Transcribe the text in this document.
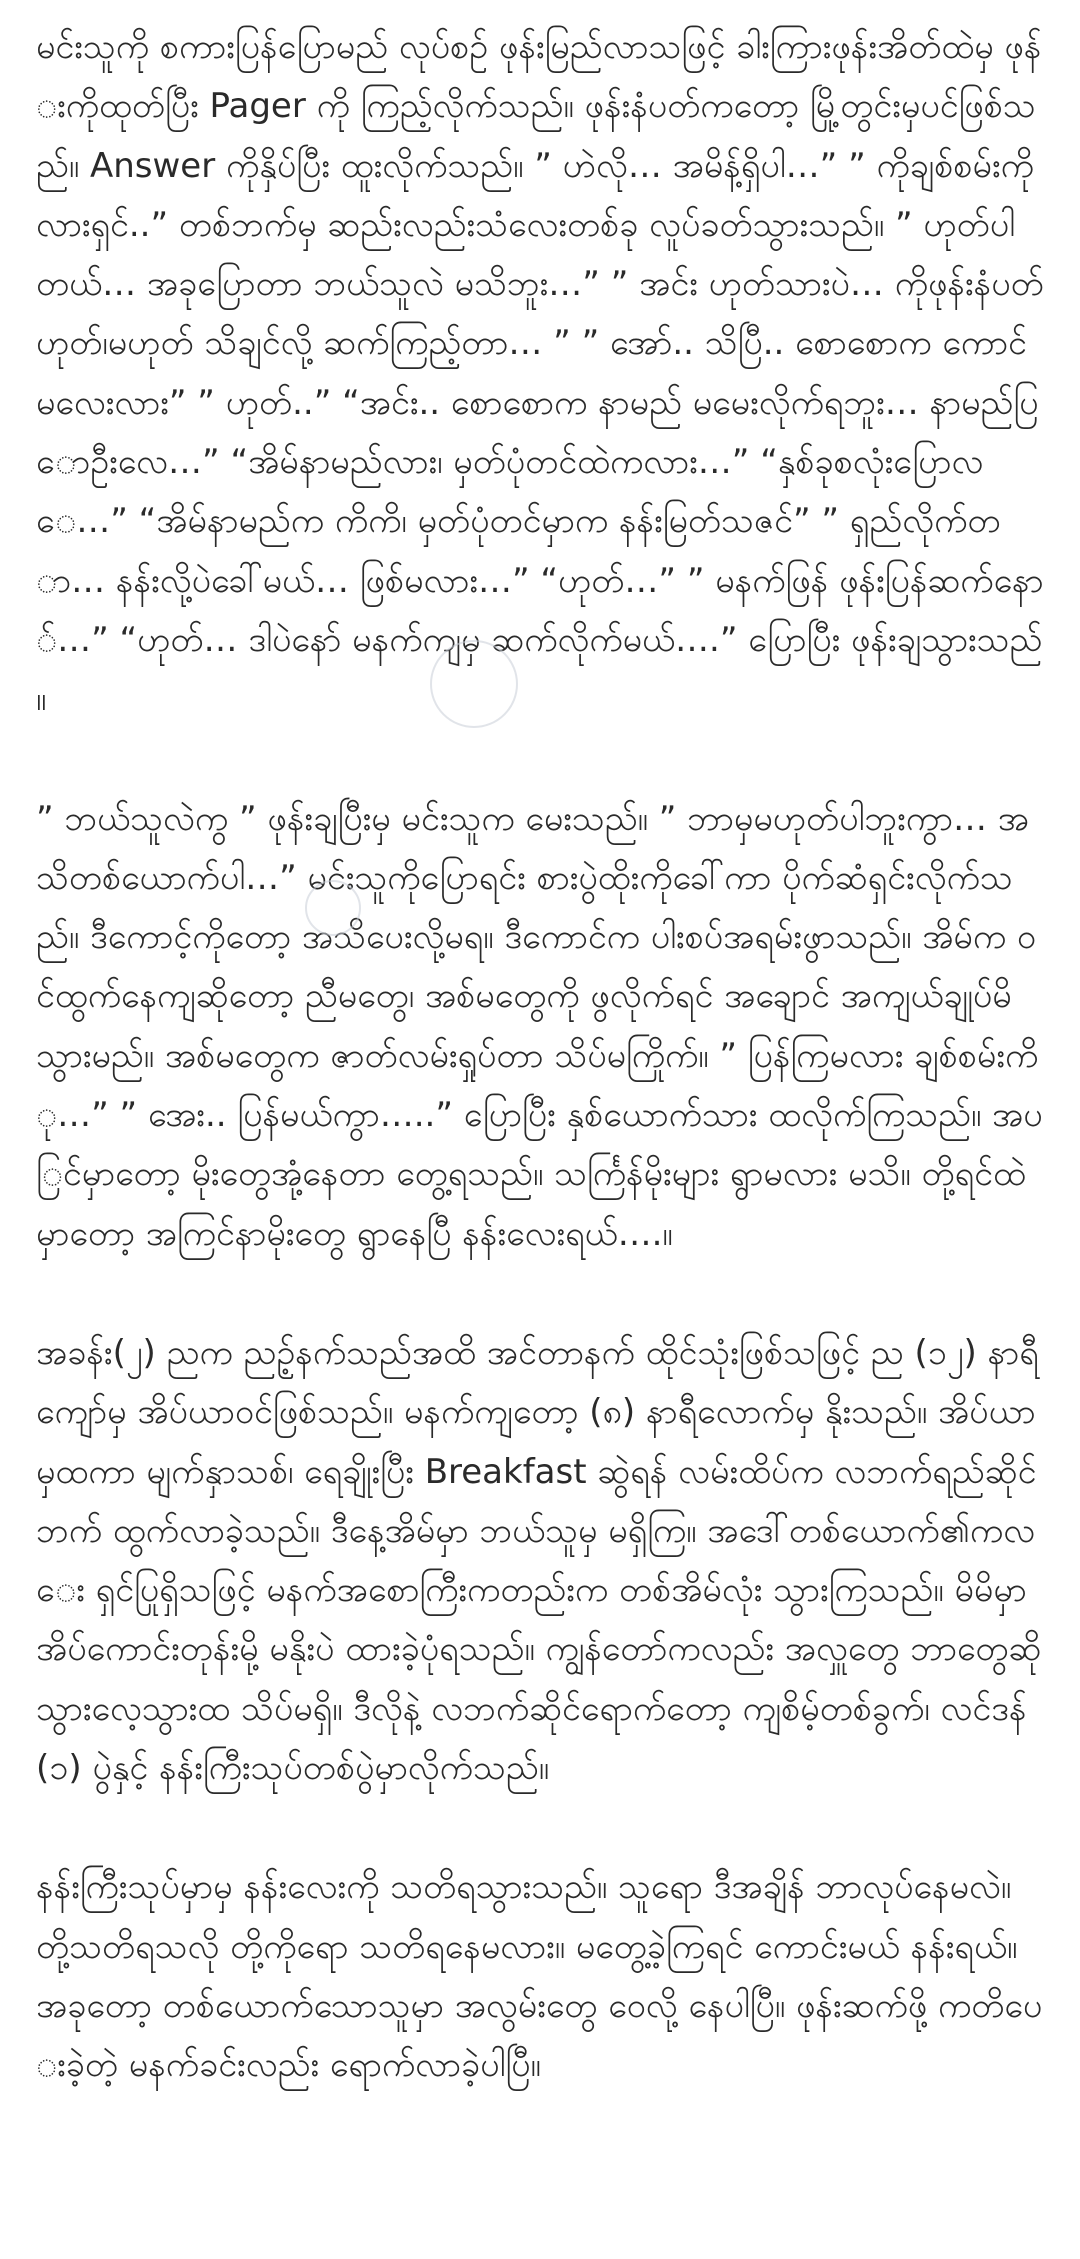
မင်းသူကို စကားပြန်ပြောမည် လုပ်စဉ် ဖုန်းမြည်လာသဖြင့် ခါးကြားဖုန်းအိတ်ထဲမှ ဖုန်းကိုထုတ်ပြီး Pager ကို ကြည့်လိုက်သည်။ ဖုန်းနံပတ်ကတော့ မြို့တွင်းမှပင်ဖြစ်သည်။ Answer ကိုနှိပ်ပြီး ထူးလိုက်သည်။ ” ဟဲလို… အမိန့်ရှိပါ…” ” ကိုချစ်စမ်းကိုလားရှင်..” တစ်ဘက်မှ ဆည်းလည်းသံလေးတစ်ခု လူပ်ခတ်သွားသည်။ ” ဟုတ်ပါတယ်… အခုပြောတာ ဘယ်သူလဲ မသိဘူး…” ” အင်း ဟုတ်သားပဲ… ကိုဖုန်းနံပတ် ဟုတ်၊မဟုတ် သိချင်လို့ ဆက်ကြည့်တာ… ” ” အော်.. သိပြီ.. စောစောက ကောင်မလေးလား” ” ဟုတ်..” “အင်း.. စောစောက နာမည် မမေးလိုက်ရဘူး… နာမည်ပြောဦးလေ…” “အိမ်နာမည်လား၊ မှတ်ပုံတင်ထဲကလား…” “နှစ်ခုစလုံးပြောလေ…” “အိမ်နာမည်က ကိကိ၊ မှတ်ပုံတင်မှာက နန်းမြတ်သဇင်” ” ရှည်လိုက်တာ… နန်းလို့ပဲခေါ်မယ်… ဖြစ်မလား…” “ဟုတ်…” ” မနက်ဖြန် ဖုန်းပြန်ဆက်နော်…” “ဟုတ်… ဒါပဲနော် မနက်ကျမှ ဆက်လိုက်မယ်….” ပြောပြီး ဖုန်းချသွားသည်။

” ဘယ်သူလဲကွ ” ဖုန်းချပြီးမှ မင်းသူက မေးသည်။ ” ဘာမှမဟုတ်ပါဘူးကွာ… အသိတစ်ယောက်ပါ…” မင်းသူကိုပြောရင်း စားပွဲထိုးကိုခေါ်ကာ ပိုက်ဆံရှင်းလိုက်သည်။ ဒီကောင့်ကိုတော့ အသိပေးလို့မရ။ ဒီကောင်က ပါးစပ်အရမ်းဖွာသည်။ အိမ်က ဝင်ထွက်နေကျဆိုတော့ ညီမတွေ၊ အစ်မတွေကို ဖွလိုက်ရင် အချောင် အကျယ်ချုပ်မိသွားမည်။ အစ်မတွေက ဇာတ်လမ်းရှုပ်တာ သိပ်မကြိုက်။ ” ပြန်ကြမလား ချစ်စမ်းကို…” ” အေး.. ပြန်မယ်ကွာ…..” ပြောပြီး နှစ်ယောက်သား ထလိုက်ကြသည်။ အပြင်မှာတော့ မိုးတွေအုံ့နေတာ တွေ့ရသည်။ သင်္ကြန်မိုးများ ရွာမလား မသိ။ တို့ရင်ထဲမှာတော့ အကြင်နာမိုးတွေ ရွာနေပြီ နန်းလေးရယ်….။

အခန်း(၂) ညက ညဉ့်နက်သည်အထိ အင်တာနက် ထိုင်သုံးဖြစ်သဖြင့် ည (၁၂) နာရီကျော်မှ အိပ်ယာဝင်ဖြစ်သည်။ မနက်ကျတော့ (၈) နာရီလောက်မှ နိုးသည်။ အိပ်ယာမှထကာ မျက်နှာသစ်၊ ရေချိုးပြီး Breakfast ဆွဲရန် လမ်းထိပ်က လဘက်ရည်ဆိုင်ဘက် ထွက်လာခဲ့သည်။ ဒီနေ့အိမ်မှာ ဘယ်သူမှ မရှိကြ။ အဒေါ်တစ်ယောက်၏ကလေး ရှင်ပြုရှိသဖြင့် မနက်အစောကြီးကတည်းက တစ်အိမ်လုံး သွားကြသည်။ မိမိမှာ အိပ်ကောင်းတုန်းမို့ မနိုးပဲ ထားခဲ့ပုံရသည်။ ကျွန်တော်ကလည်း အလှူတွေ ဘာတွေဆို သွားလေ့သွားထ သိပ်မရှိ။ ဒီလိုနဲ့ လဘက်ဆိုင်ရောက်တော့ ကျစိမ့်တစ်ခွက်၊ လင်ဒန် (၁) ပွဲနှင့် နန်းကြီးသုပ်တစ်ပွဲမှာလိုက်သည်။

နန်းကြီးသုပ်မှာမှ နန်းလေးကို သတိရသွားသည်။ သူရော ဒီအချိန် ဘာလုပ်နေမလဲ။ တို့သတိရသလို တို့ကိုရော သတိရနေမလား။ မတွေ့ခဲ့ကြရင် ကောင်းမယ် နန်းရယ်။ အခုတော့ တစ်ယောက်သောသူမှာ အလွမ်းတွေ ဝေလို့ နေပါပြီ။ ဖုန်းဆက်ဖို့ ကတိပေးခဲ့တဲ့ မနက်ခင်းလည်း ရောက်လာခဲ့ပါပြီ။
